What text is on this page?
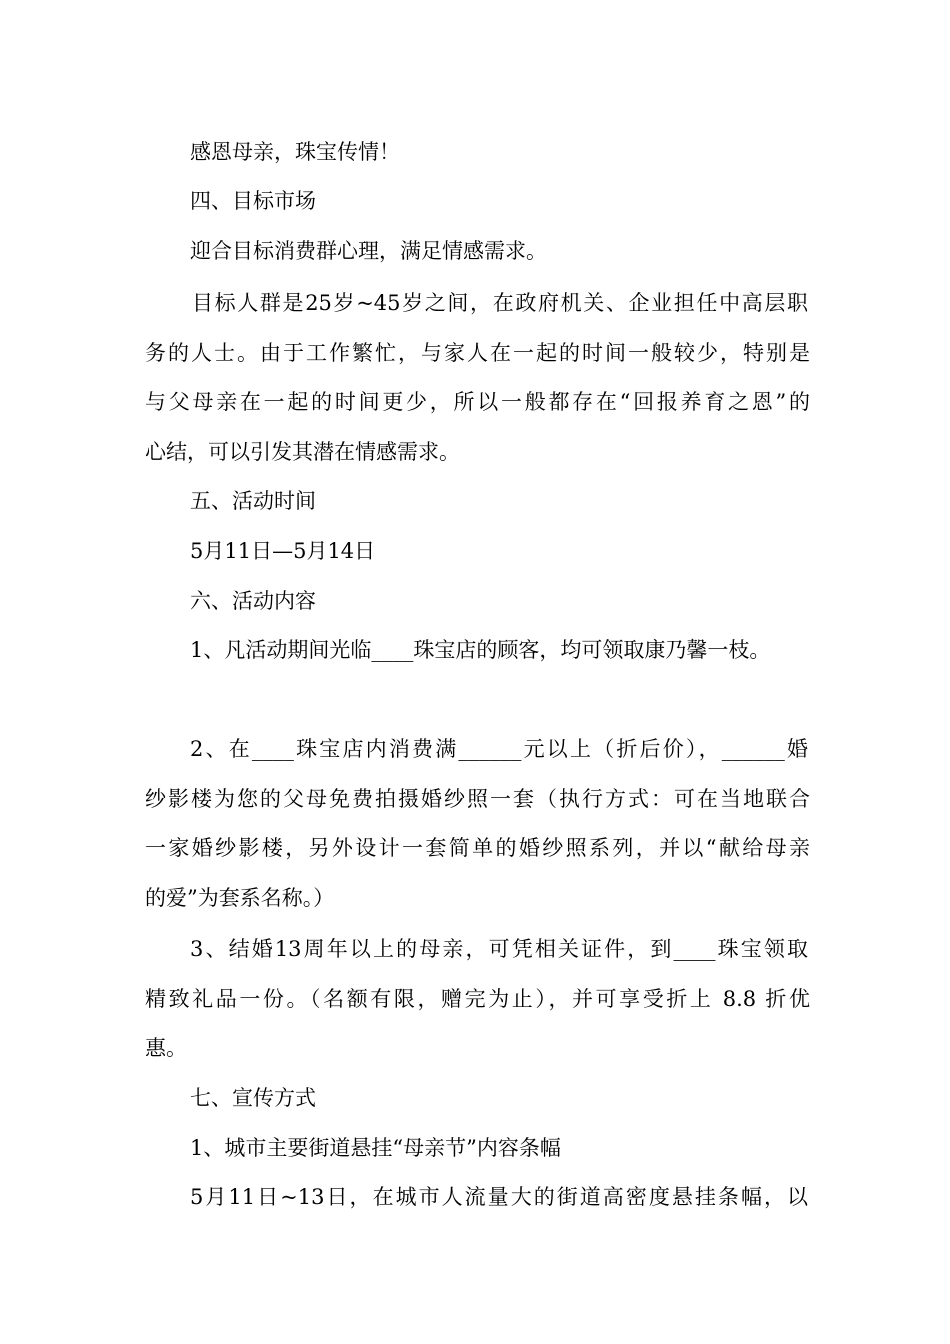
感恩母亲，珠宝传情！
四、目标市场
迎合目标消费群心理，满足情感需求。
目标人群是25岁~45岁之间，在政府机关、企业担任中高层职
务的人士。由于工作繁忙，与家人在一起的时间一般较少，特别是
与父母亲在一起的时间更少，所以一般都存在“回报养育之恩”的
心结，可以引发其潜在情感需求。
五、活动时间
5月11日—5月14日
六、活动内容
1、凡活动期间光临____珠宝店的顾客，均可领取康乃馨一枝。
2、在____珠宝店内消费满______元以上（折后价），______婚
纱影楼为您的父母免费拍摄婚纱照一套（执行方式：可在当地联合
一家婚纱影楼，另外设计一套简单的婚纱照系列，并以“献给母亲
的爱”为套系名称。）
3、结婚13周年以上的母亲，可凭相关证件，到____珠宝领取
精致礼品一份。（名额有限，赠完为止），并可享受折上 8.8 折优
惠。
七、宣传方式
1、城市主要街道悬挂“母亲节”内容条幅
5月11日~13日，在城市人流量大的街道高密度悬挂条幅，以
